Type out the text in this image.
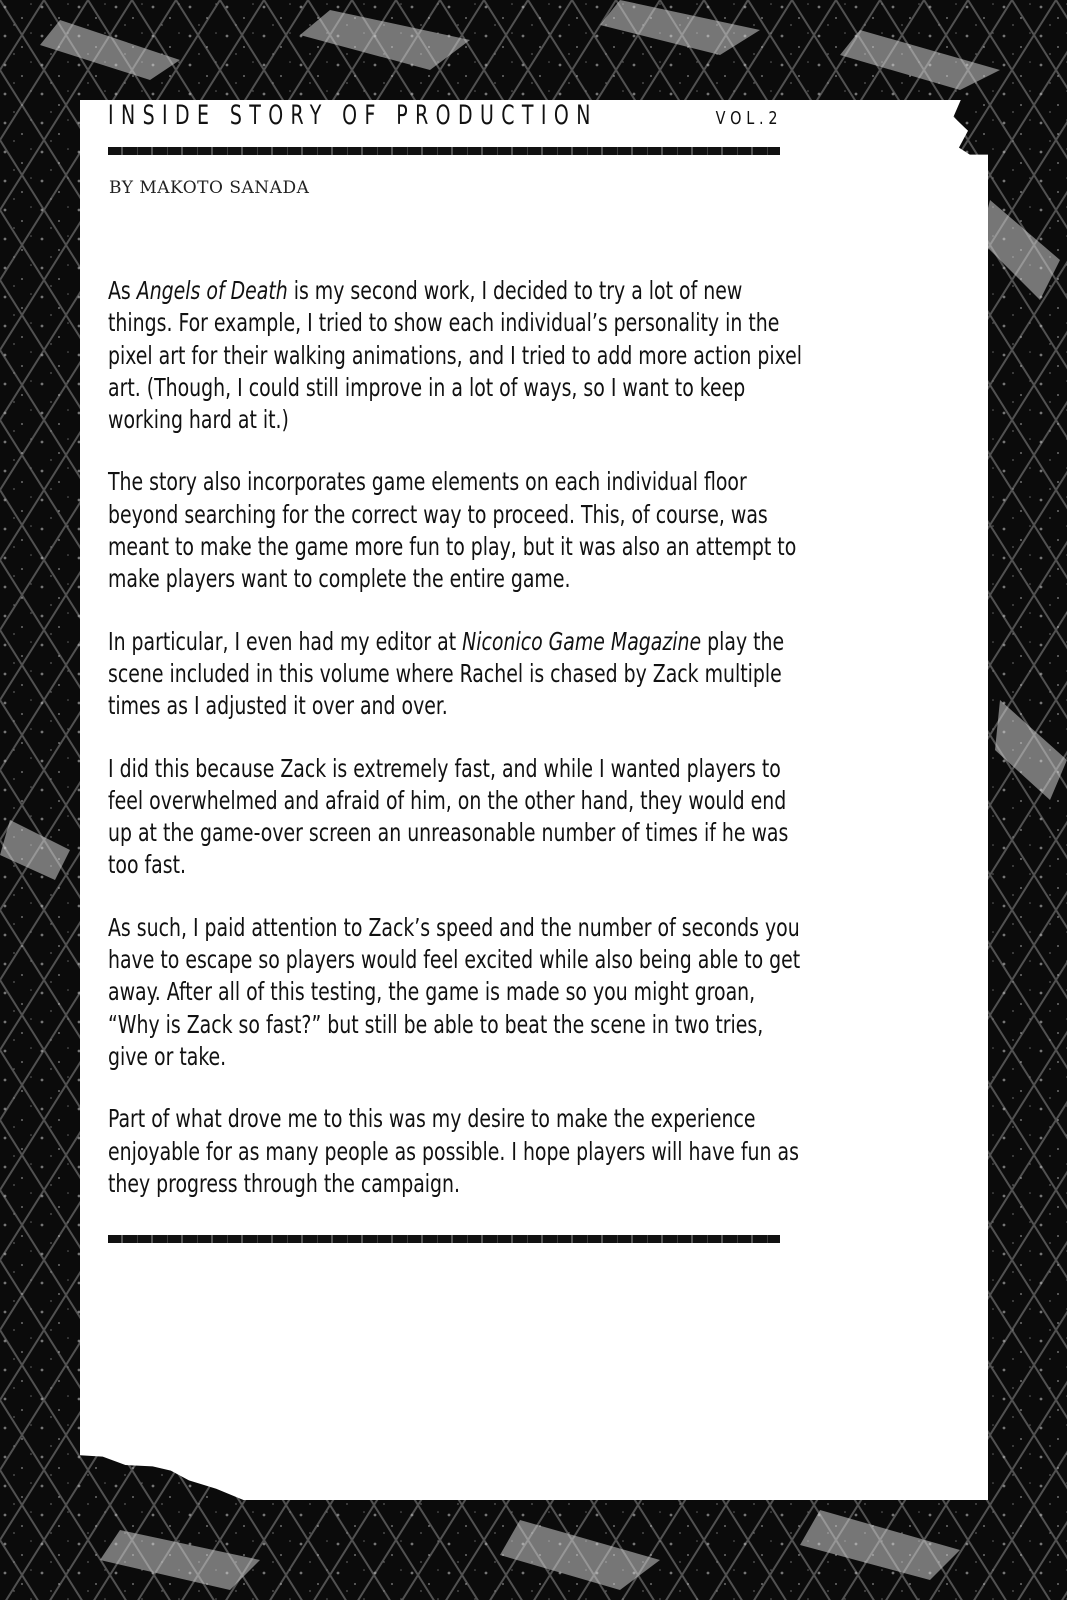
INSIDE STORY OF PRODUCTION	VOL.2
BY MAKOTO SANADA

As Angels of Death is my second work, I decided to try a lot of new things. For example, I tried to show each individual’s personality in the pixel art for their walking animations, and I tried to add more action pixel art. (Though, I could still improve in a lot of ways, so I want to keep working hard at it.)

The story also incorporates game elements on each individual floor beyond searching for the correct way to proceed. This, of course, was meant to make the game more fun to play, but it was also an attempt to make players want to complete the entire game.

In particular, I even had my editor at Niconico Game Magazine play the scene included in this volume where Rachel is chased by Zack multiple times as I adjusted it over and over.

I did this because Zack is extremely fast, and while I wanted players to feel overwhelmed and afraid of him, on the other hand, they would end up at the game-over screen an unreasonable number of times if he was too fast.

As such, I paid attention to Zack’s speed and the number of seconds you have to escape so players would feel excited while also being able to get away. After all of this testing, the game is made so you might groan, “Why is Zack so fast?” but still be able to beat the scene in two tries, give or take.

Part of what drove me to this was my desire to make the experience enjoyable for as many people as possible. I hope players will have fun as they progress through the campaign.
